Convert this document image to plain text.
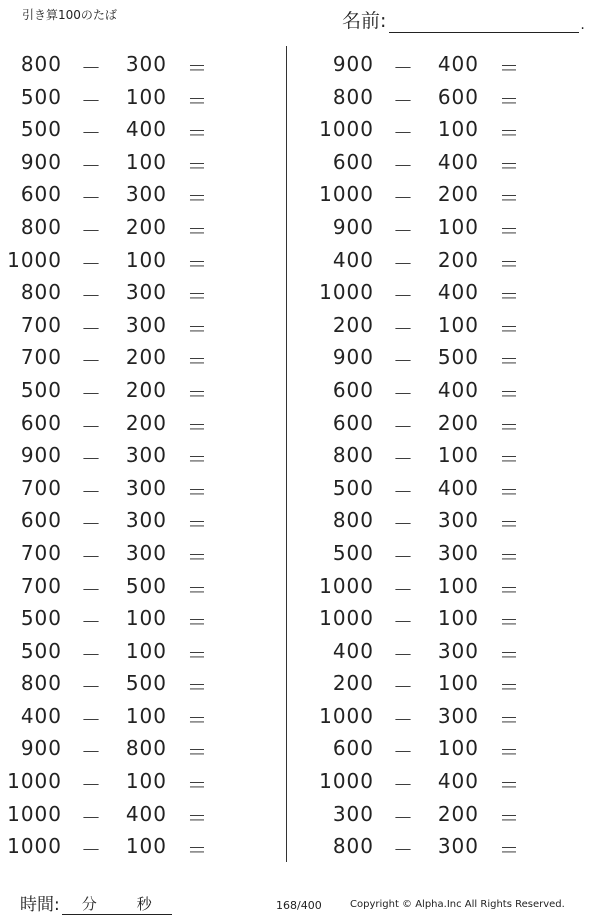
引き算100のたば	名前:	.
800 －	300 ＝
500 －	100 ＝
500 －	400 ＝
900 －	100 ＝
600 －	300 ＝
800 －	200 ＝
1000 －	100 ＝
800 －	300 ＝
700 －	300 ＝
700 －	200 ＝
500 －	200 ＝
600 －	200 ＝
900 －	300 ＝
700 －	300 ＝
600 －	300 ＝
700 －	300 ＝
700 －	500 ＝
500 －	100 ＝
500 －	100 ＝
800 －	500 ＝
400 －	100 ＝
900 －	800 ＝
1000 －	100 ＝
1000 －	400 ＝
1000 －	100 ＝
900 －	400 ＝
800 －	600 ＝
1000 －	100 ＝
600 －	400 ＝
1000 －	200 ＝
900 －	100 ＝
400 －	200 ＝
1000 －	400 ＝
200 －	100 ＝
900 －	500 ＝
600 －	400 ＝
600 －	200 ＝
800 －	100 ＝
500 －	400 ＝
800 －	300 ＝
500 －	300 ＝
1000 －	100 ＝
1000 －	100 ＝
400 －	300 ＝
200 －	100 ＝
1000 －	300 ＝
600 －	100 ＝
1000 －	400 ＝
300 －	200 ＝
800 －	300 ＝
時間: 分	秒	168/400	Copyright © Alpha.Inc All Rights Reserved.
